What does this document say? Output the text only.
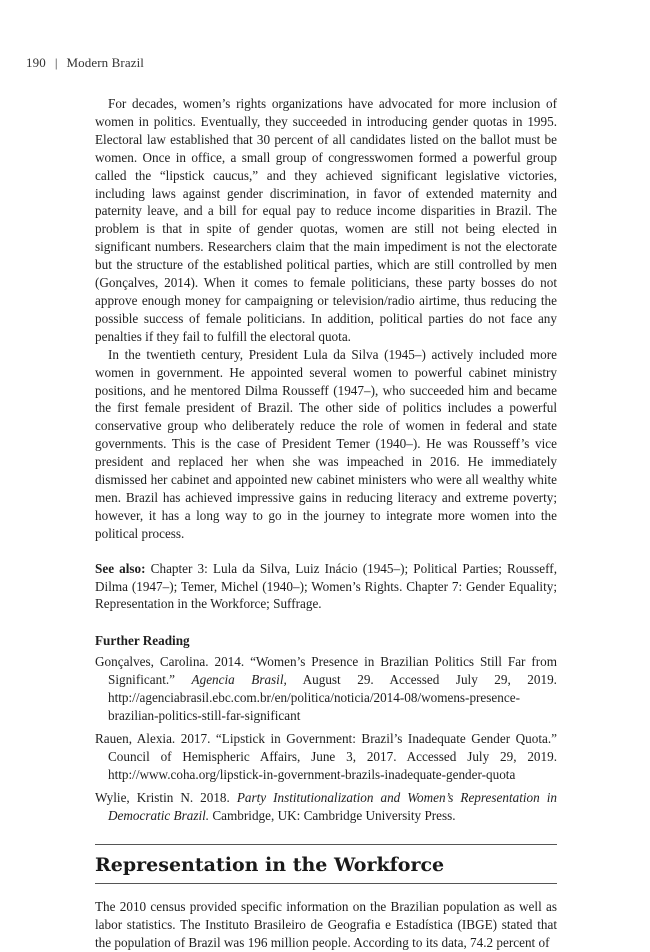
190 | Modern Brazil

For decades, women’s rights organizations have advocated for more inclusion of women in politics. Eventually, they succeeded in introducing gender quotas in 1995. Electoral law established that 30 percent of all candidates listed on the ballot must be women. Once in office, a small group of congresswomen formed a powerful group called the “lipstick caucus,” and they achieved significant legislative victories, including laws against gender discrimination, in favor of extended maternity and paternity leave, and a bill for equal pay to reduce income disparities in Brazil. The problem is that in spite of gender quotas, women are still not being elected in significant numbers. Researchers claim that the main impediment is not the electorate but the structure of the established political parties, which are still controlled by men (Gonçalves, 2014). When it comes to female politicians, these party bosses do not approve enough money for campaigning or television/radio airtime, thus reducing the possible success of female politicians. In addition, political parties do not face any penalties if they fail to fulfill the electoral quota.

In the twentieth century, President Lula da Silva (1945–) actively included more women in government. He appointed several women to powerful cabinet ministry positions, and he mentored Dilma Rousseff (1947–), who succeeded him and became the first female president of Brazil. The other side of politics includes a powerful conservative group who deliberately reduce the role of women in federal and state governments. This is the case of President Temer (1940–). He was Rousseff’s vice president and replaced her when she was impeached in 2016. He immediately dismissed her cabinet and appointed new cabinet ministers who were all wealthy white men. Brazil has achieved impressive gains in reducing literacy and extreme poverty; however, it has a long way to go in the journey to integrate more women into the political process.

See also: Chapter 3: Lula da Silva, Luiz Inácio (1945–); Political Parties; Rousseff, Dilma (1947–); Temer, Michel (1940–); Women’s Rights. Chapter 7: Gender Equality; Representation in the Workforce; Suffrage.

Further Reading

Gonçalves, Carolina. 2014. “Women’s Presence in Brazilian Politics Still Far from Significant.” Agencia Brasil, August 29. Accessed July 29, 2019. http://agenciabrasil.ebc.com.br/en/politica/noticia/2014-08/womens-presence-brazilian-politics-still-far-significant

Rauen, Alexia. 2017. “Lipstick in Government: Brazil’s Inadequate Gender Quota.” Council of Hemispheric Affairs, June 3, 2017. Accessed July 29, 2019. http://www.coha.org/lipstick-in-government-brazils-inadequate-gender-quota

Wylie, Kristin N. 2018. Party Institutionalization and Women’s Representation in Democratic Brazil. Cambridge, UK: Cambridge University Press.

Representation in the Workforce

The 2010 census provided specific information on the Brazilian population as well as labor statistics. The Instituto Brasileiro de Geografia e Estadística (IBGE) stated that the population of Brazil was 196 million people. According to its data, 74.2 percent of
